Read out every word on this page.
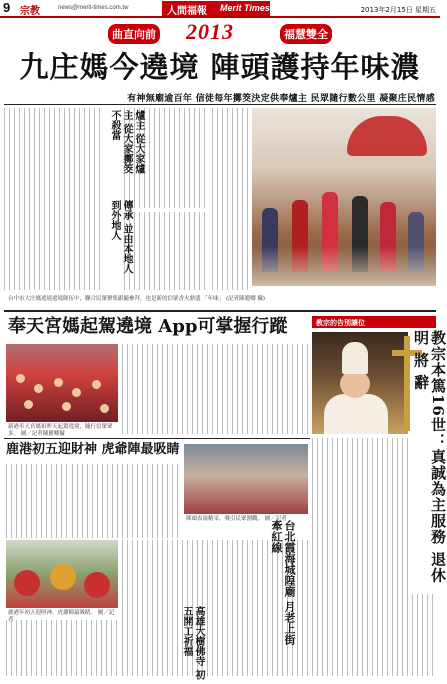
9 宗教	news@merit-times.com.tw	人間福報 Merit Times	2013年2月15日 星期五
曲直向前 2013	福慧雙全
九庄媽今遶境 陣頭護持年味濃
有神無廟逾百年 信徒每年擲筊決定供奉爐主 民眾隨行數公里 凝聚庄民情感
爐主 從大家爐主 從大家擲筊不殺當
傳承 並由本地人到外地人
台中市大庄媽遶境遶境隊伍中，聯合民眾聚集跟隨參拜，也是新的信眾香火鼎盛 「年味」 (記者陳麗卿 攝)
奉天宮媽起駕遶境 App可掌握行蹤
新港奉天宮媽祖昨天起駕遶境，隨行信眾眾多。 圖／記者陳麗卿攝
鹿港初五迎財神 虎爺陣最吸睛
鹿港年初五迎財神，虎爺陣最吸睛。 圖／記者
陣頭表演精采，吸引民眾圍觀。 圖／記者
教宗的告別讓位
教宗本篤16世：真誠為主服務 退休 明 將 辭
台北霞海城隍廟 月老上街牽紅線
高雄大樹佛寺 初五開工祈福
